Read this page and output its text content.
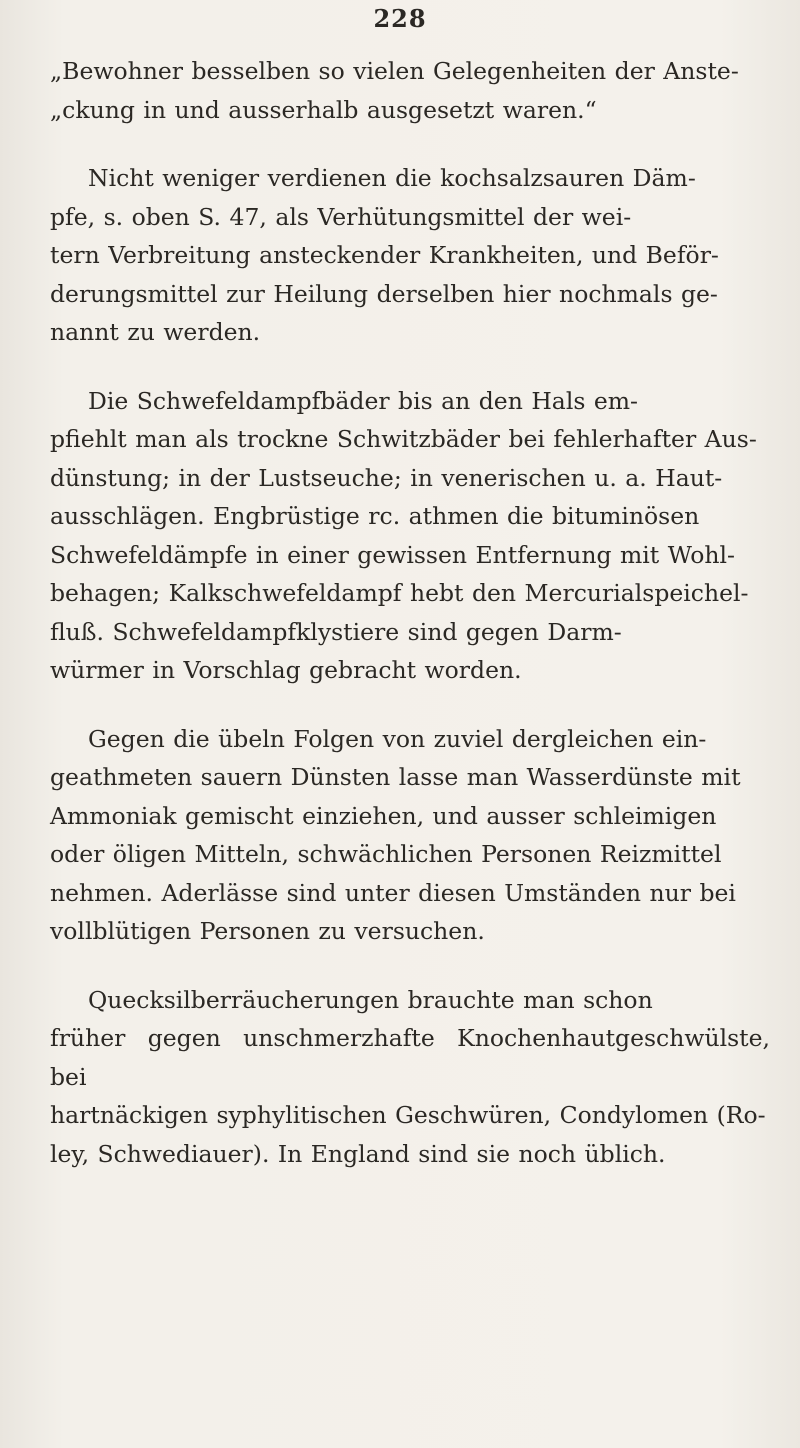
228

„Bewohner besselben so vielen Gelegenheiten der Anste-
„ckung in und ausserhalb ausgesetzt waren.“

Nicht weniger verdienen die kochsalzsauren Däm-
pfe, s. oben S. 47, als Verhütungsmittel der wei-
tern Verbreitung ansteckender Krankheiten, und Beför-
derungsmittel zur Heilung derselben hier nochmals ge-
nannt zu werden.

Die Schwefeldampfbäder bis an den Hals em-
pfiehlt man als trockne Schwitzbäder bei fehlerhafter Aus-
dünstung; in der Lustseuche; in venerischen u. a. Haut-
ausschlägen. Engbrüstige rc. athmen die bituminösen
Schwefeldämpfe in einer gewissen Entfernung mit Wohl-
behagen; Kalkschwefeldampf hebt den Mercurialspeichel-
fluß. Schwefeldampfklystiere sind gegen Darm-
würmer in Vorschlag gebracht worden.

Gegen die übeln Folgen von zuviel dergleichen ein-
geathmeten sauern Dünsten lasse man Wasserdünste mit
Ammoniak gemischt einziehen, und ausser schleimigen
oder öligen Mitteln, schwächlichen Personen Reizmittel
nehmen. Aderlässe sind unter diesen Umständen nur bei
vollblütigen Personen zu versuchen.

Quecksilberräucherungen brauchte man schon
früher gegen unschmerzhafte Knochenhautgeschwülste, bei
hartnäckigen syphylitischen Geschwüren, Condylomen (Ro-
ley, Schwediauer). In England sind sie noch üblich.
